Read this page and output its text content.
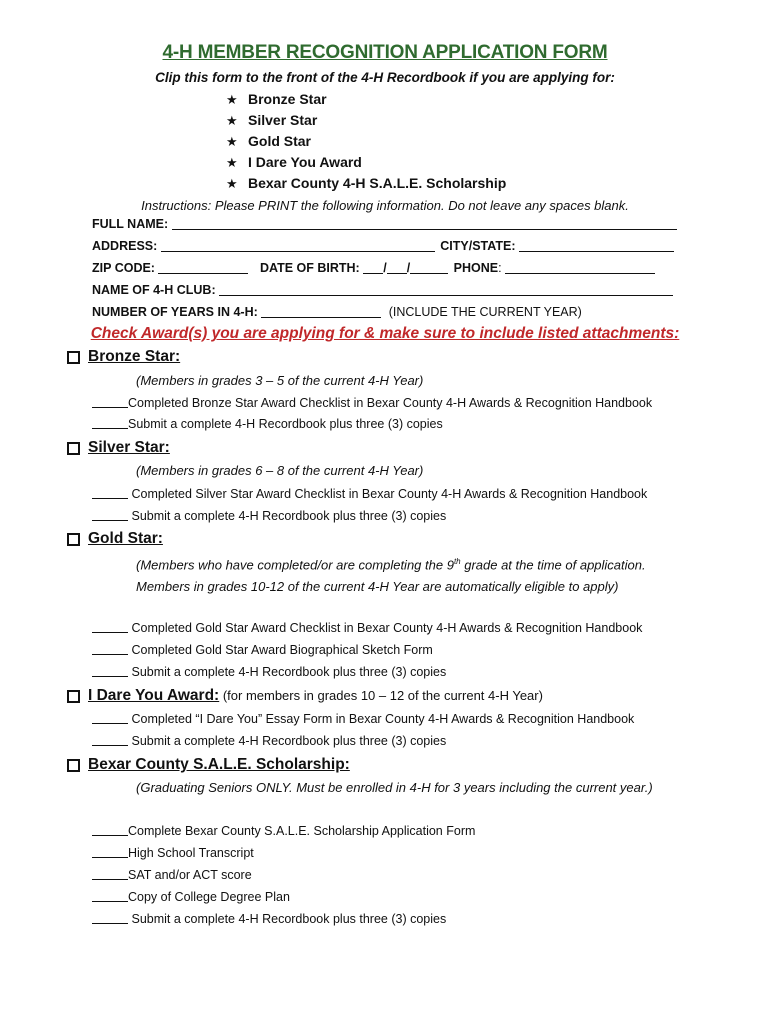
4-H MEMBER RECOGNITION APPLICATION FORM
Clip this form to the front of the 4-H Recordbook if you are applying for:
★ Bronze Star
★ Silver Star
★ Gold Star
★ I Dare You Award
★ Bexar County 4-H S.A.L.E. Scholarship
Instructions: Please PRINT the following information. Do not leave any spaces blank.
FULL NAME:
ADDRESS:	CITY/STATE:
ZIP CODE:	DATE OF BIRTH: / /	PHONE:
NAME OF 4-H CLUB:
NUMBER OF YEARS IN 4-H:	(INCLUDE THE CURRENT YEAR)
Check Award(s) you are applying for & make sure to include listed attachments:
Bronze Star:
(Members in grades 3 – 5 of the current 4-H Year)
Completed Bronze Star Award Checklist in Bexar County 4-H Awards & Recognition Handbook
Submit a complete 4-H Recordbook plus three (3) copies
Silver Star:
(Members in grades 6 – 8 of the current 4-H Year)
Completed Silver Star Award Checklist in Bexar County 4-H Awards & Recognition Handbook
Submit a complete 4-H Recordbook plus three (3) copies
Gold Star:
(Members who have completed/or are completing the 9th grade at the time of application. Members in grades 10-12 of the current 4-H Year are automatically eligible to apply)
Completed Gold Star Award Checklist in Bexar County 4-H Awards & Recognition Handbook
Completed Gold Star Award Biographical Sketch Form
Submit a complete 4-H Recordbook plus three (3) copies
I Dare You Award: (for members in grades 10 – 12 of the current 4-H Year)
Completed “I Dare You” Essay Form in Bexar County 4-H Awards & Recognition Handbook
Submit a complete 4-H Recordbook plus three (3) copies
Bexar County S.A.L.E. Scholarship:
(Graduating Seniors ONLY. Must be enrolled in 4-H for 3 years including the current year.)
Complete Bexar County S.A.L.E. Scholarship Application Form
High School Transcript
SAT and/or ACT score
Copy of College Degree Plan
Submit a complete 4-H Recordbook plus three (3) copies
